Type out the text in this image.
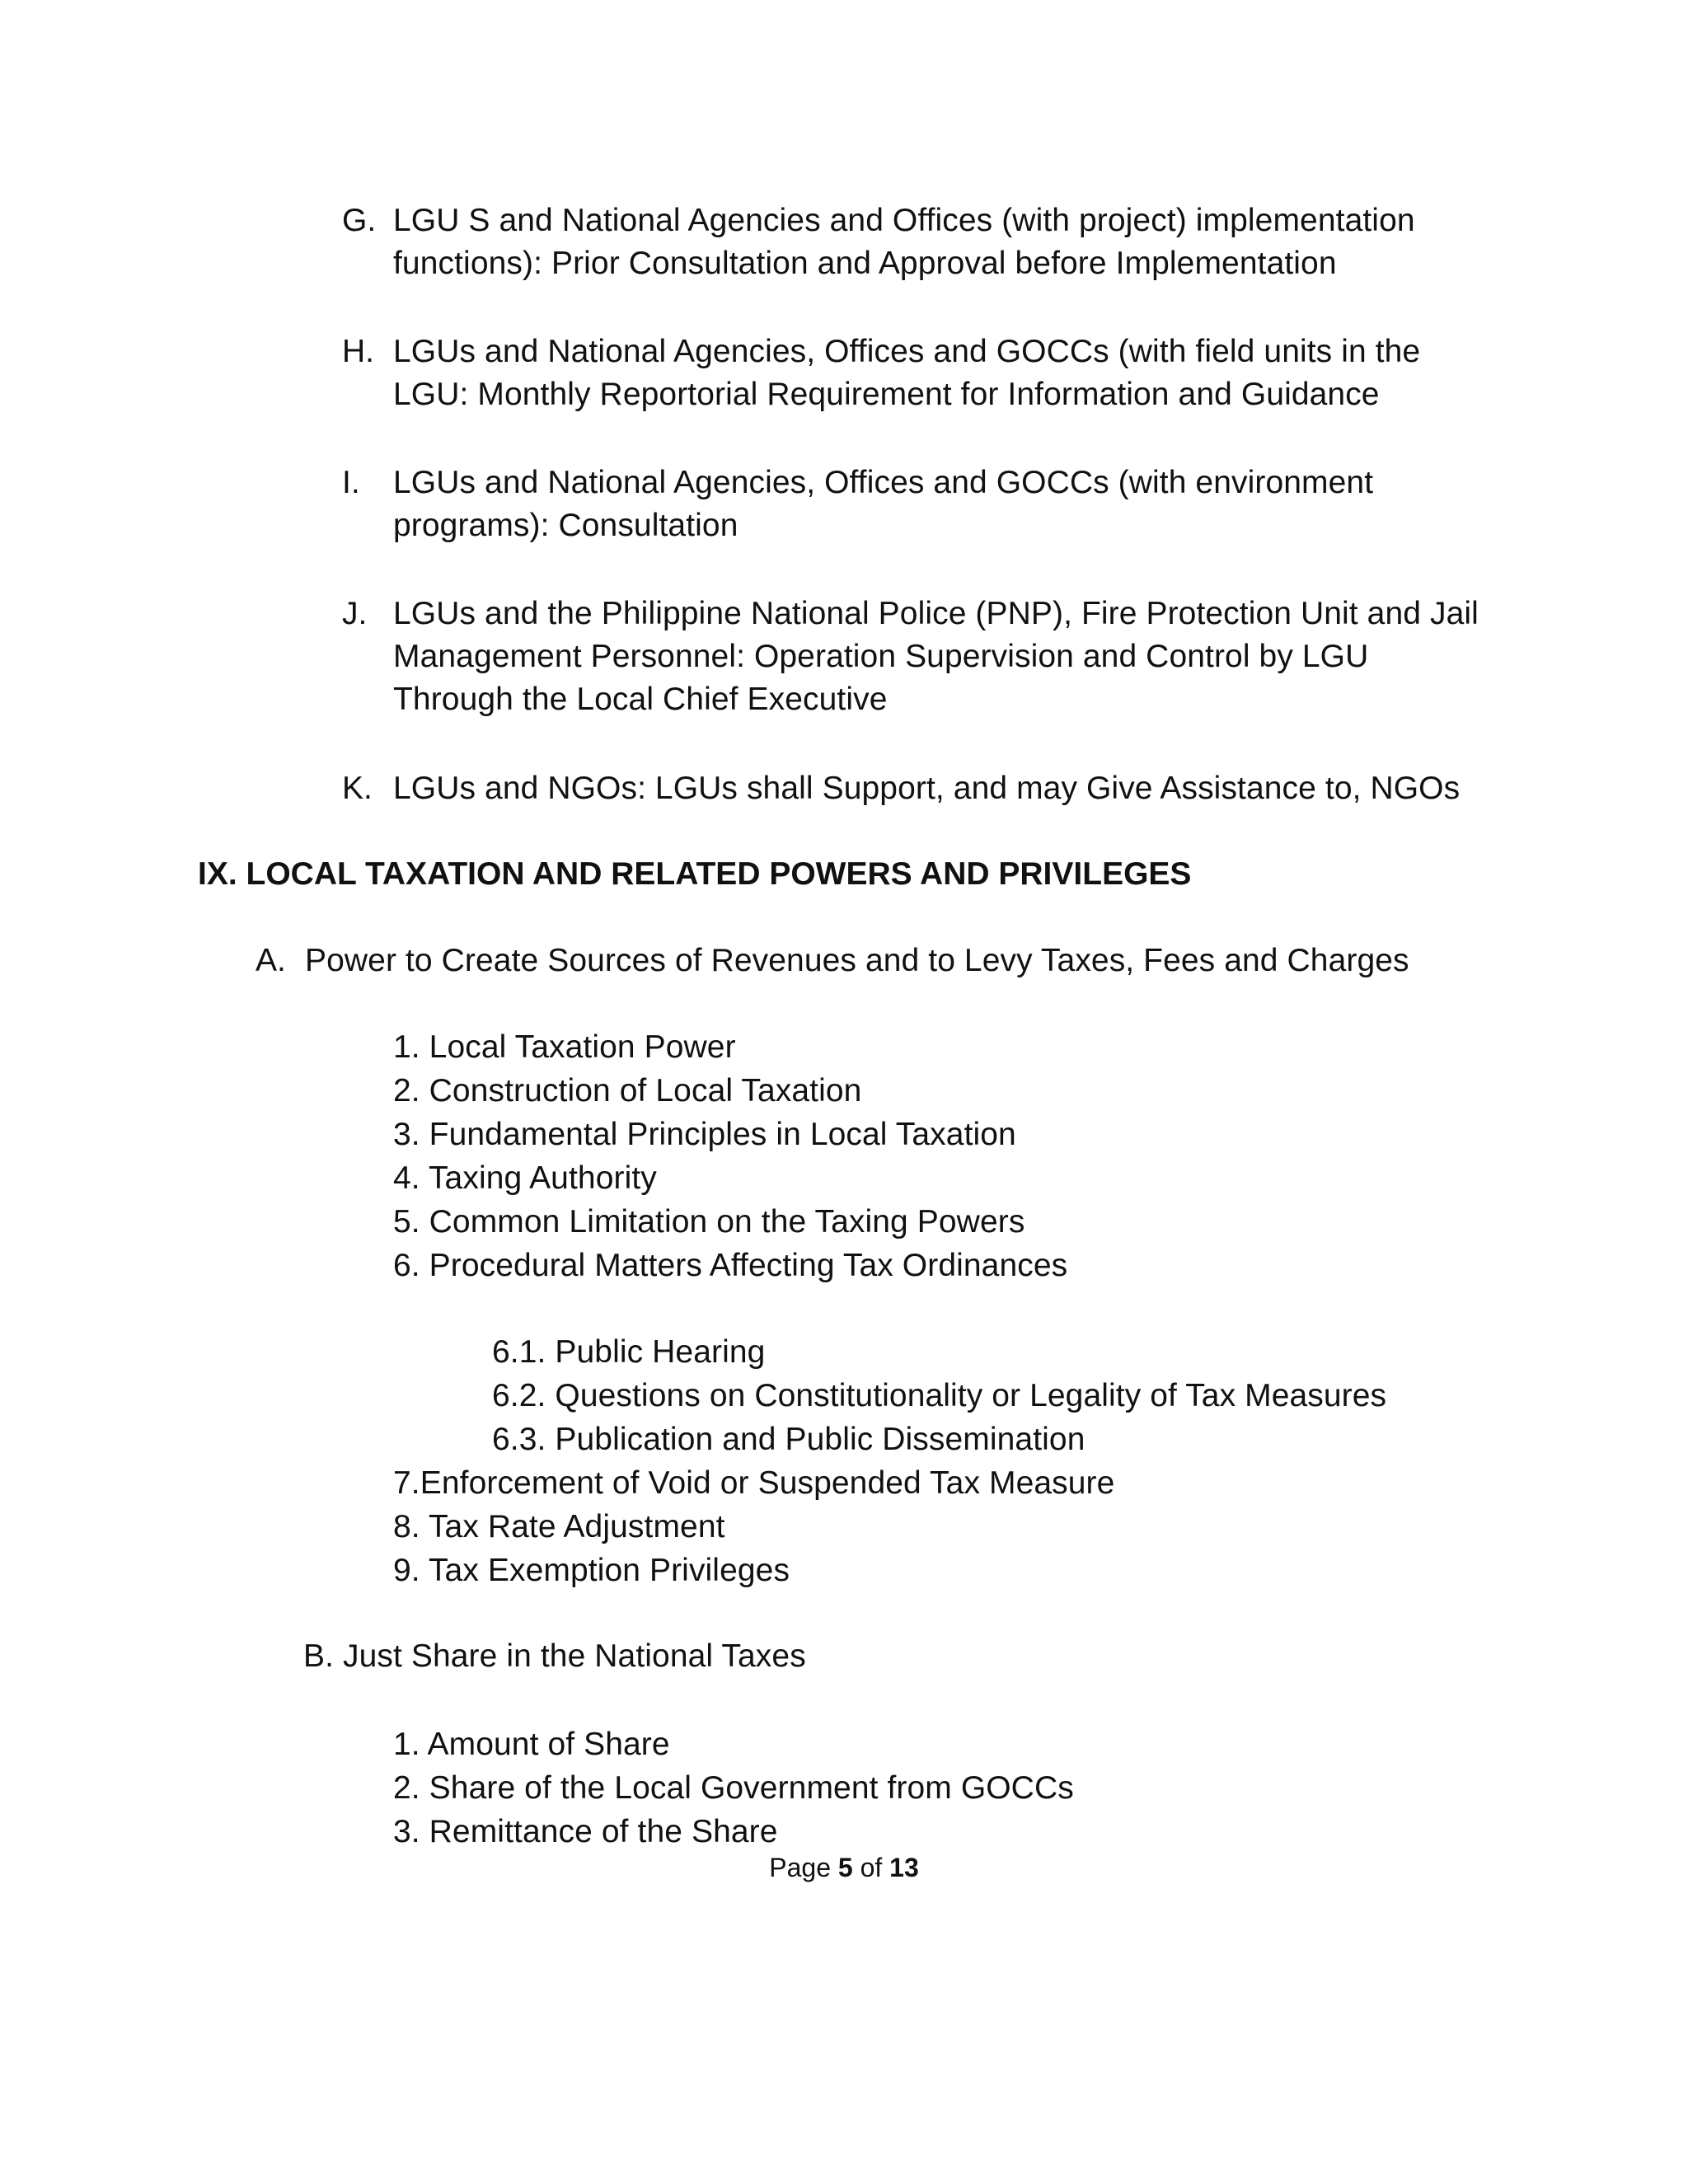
G. LGU S and National Agencies and Offices (with project) implementation
functions): Prior Consultation and Approval before Implementation
H. LGUs and National Agencies, Offices and GOCCs (with field units in the
LGU: Monthly Reportorial Requirement for Information and Guidance
I. LGUs and National Agencies, Offices and GOCCs (with environment
programs): Consultation
J. LGUs and the Philippine National Police (PNP), Fire Protection Unit and Jail
Management Personnel: Operation Supervision and Control by LGU
Through the Local Chief Executive
K. LGUs and NGOs: LGUs shall Support, and may Give Assistance to, NGOs
IX. LOCAL TAXATION AND RELATED POWERS AND PRIVILEGES
A. Power to Create Sources of Revenues and to Levy Taxes, Fees and Charges
1. Local Taxation Power
2. Construction of Local Taxation
3. Fundamental Principles in Local Taxation
4. Taxing Authority
5. Common Limitation on the Taxing Powers
6. Procedural Matters Affecting Tax Ordinances
6.1. Public Hearing
6.2. Questions on Constitutionality or Legality of Tax Measures
6.3. Publication and Public Dissemination
7.Enforcement of Void or Suspended Tax Measure
8. Tax Rate Adjustment
9. Tax Exemption Privileges
B. Just Share in the National Taxes
1. Amount of Share
2. Share of the Local Government from GOCCs
3. Remittance of the Share
Page 5 of 13
